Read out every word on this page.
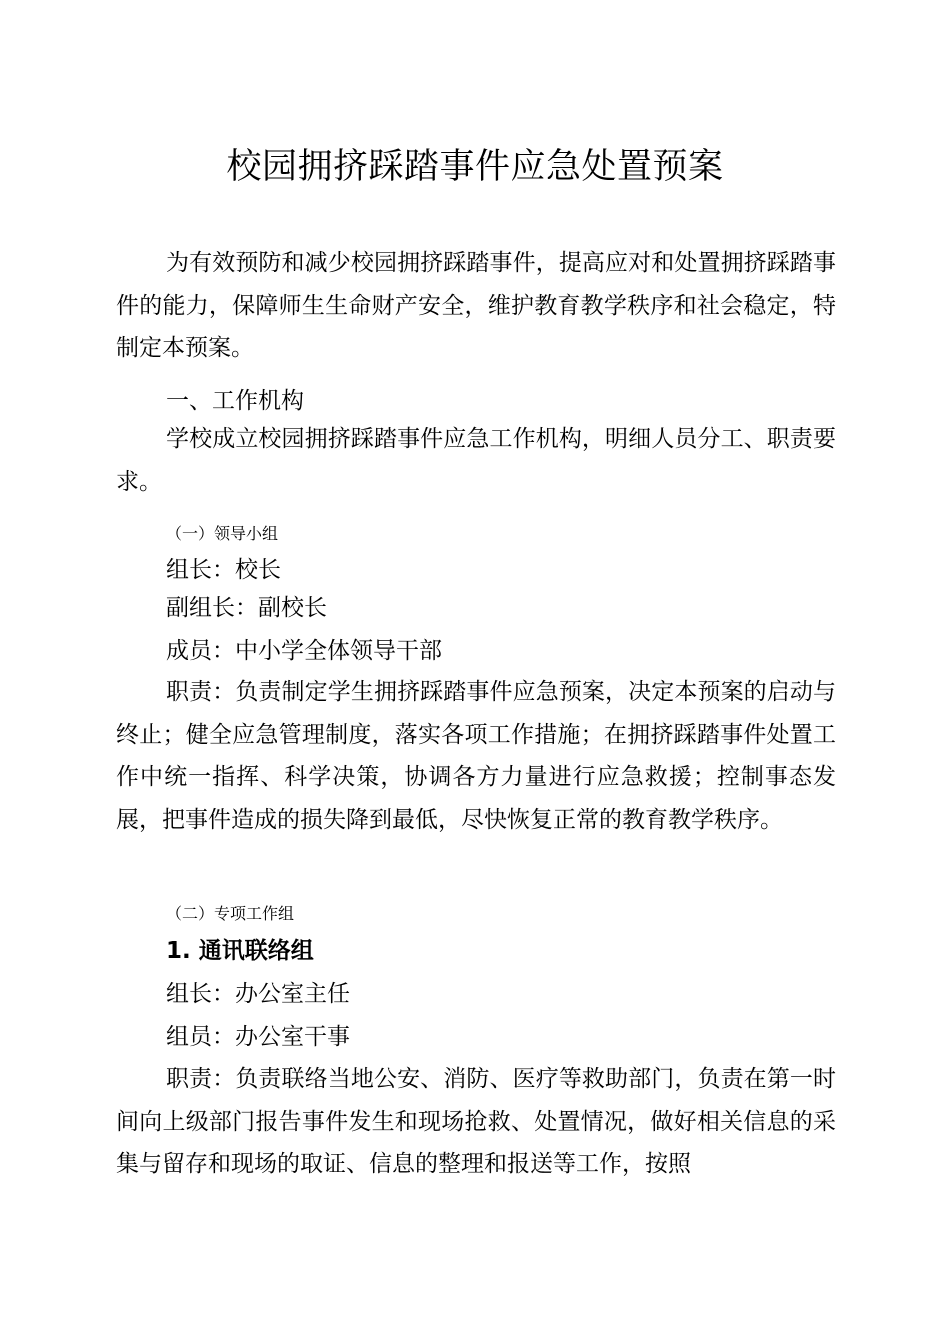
校园拥挤踩踏事件应急处置预案

为有效预防和减少校园拥挤踩踏事件，提高应对和处置拥挤踩踏事件的能力，保障师生生命财产安全，维护教育教学秩序和社会稳定，特制定本预案。

一、工作机构

学校成立校园拥挤踩踏事件应急工作机构，明细人员分工、职责要求。

（一）领导小组

组长：校长

副组长：副校长

成员：中小学全体领导干部

职责：负责制定学生拥挤踩踏事件应急预案，决定本预案的启动与终止；健全应急管理制度，落实各项工作措施；在拥挤踩踏事件处置工作中统一指挥、科学决策，协调各方力量进行应急救援；控制事态发展，把事件造成的损失降到最低，尽快恢复正常的教育教学秩序。

（二）专项工作组

1. 通讯联络组

组长：办公室主任

组员：办公室干事

职责：负责联络当地公安、消防、医疗等救助部门，负责在第一时间向上级部门报告事件发生和现场抢救、处置情况，做好相关信息的采集与留存和现场的取证、信息的整理和报送等工作，按照
